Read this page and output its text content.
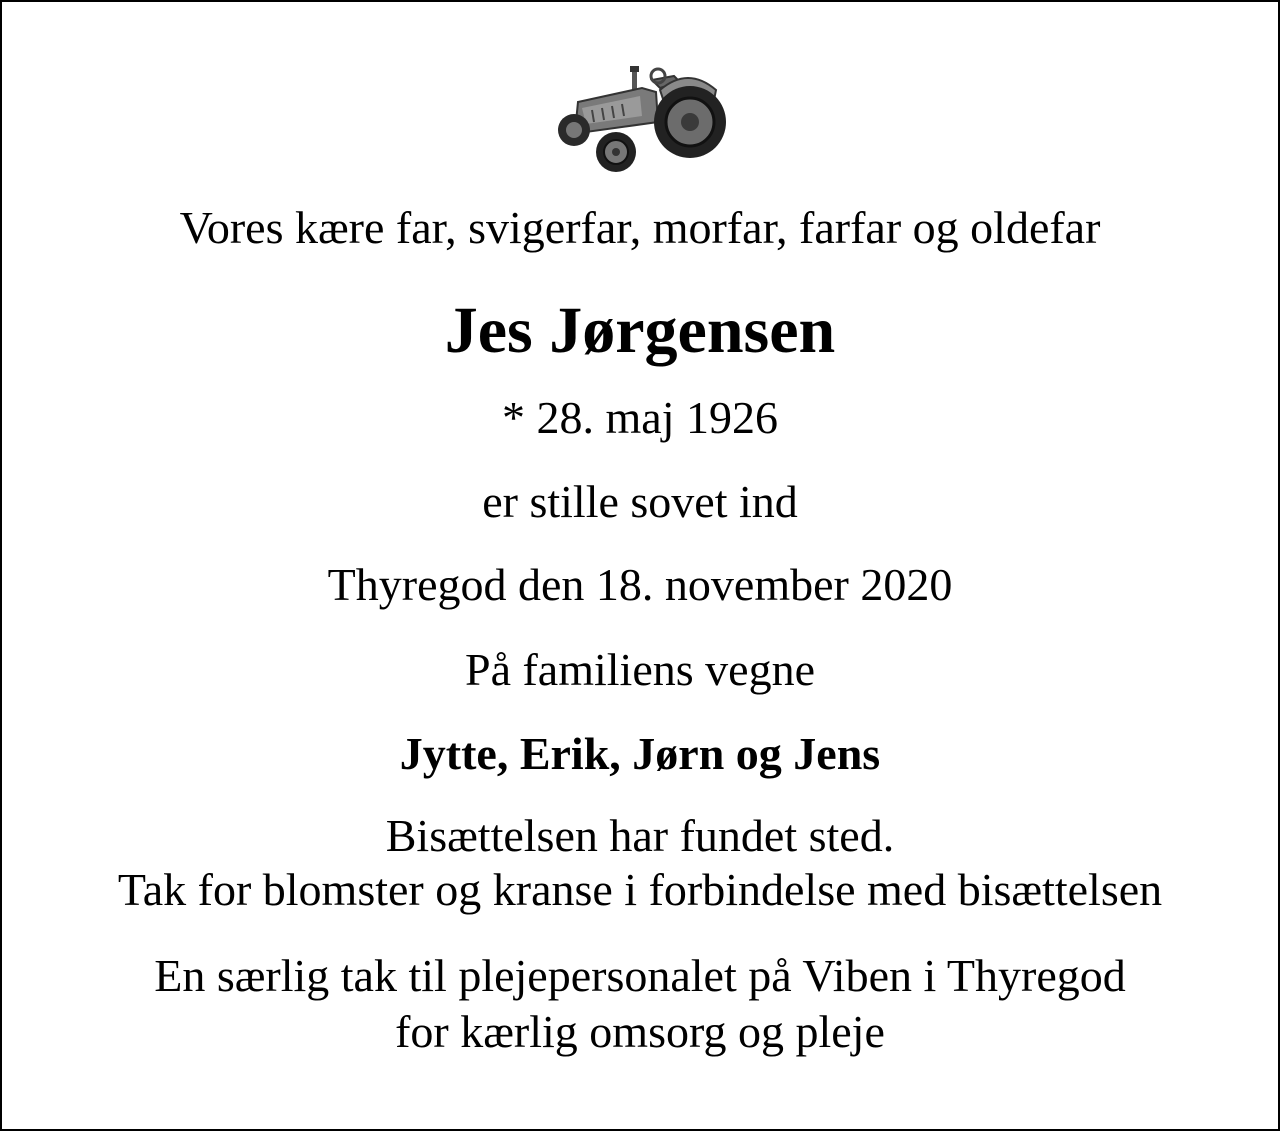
Vores kære far, svigerfar, morfar, farfar og oldefar

Jes Jørgensen

* 28. maj 1926

er stille sovet ind

Thyregod den 18. november 2020

På familiens vegne

Jytte, Erik, Jørn og Jens

Bisættelsen har fundet sted.

Tak for blomster og kranse i forbindelse med bisættelsen

En særlig tak til plejepersonalet på Viben i Thyregod

for kærlig omsorg og pleje
